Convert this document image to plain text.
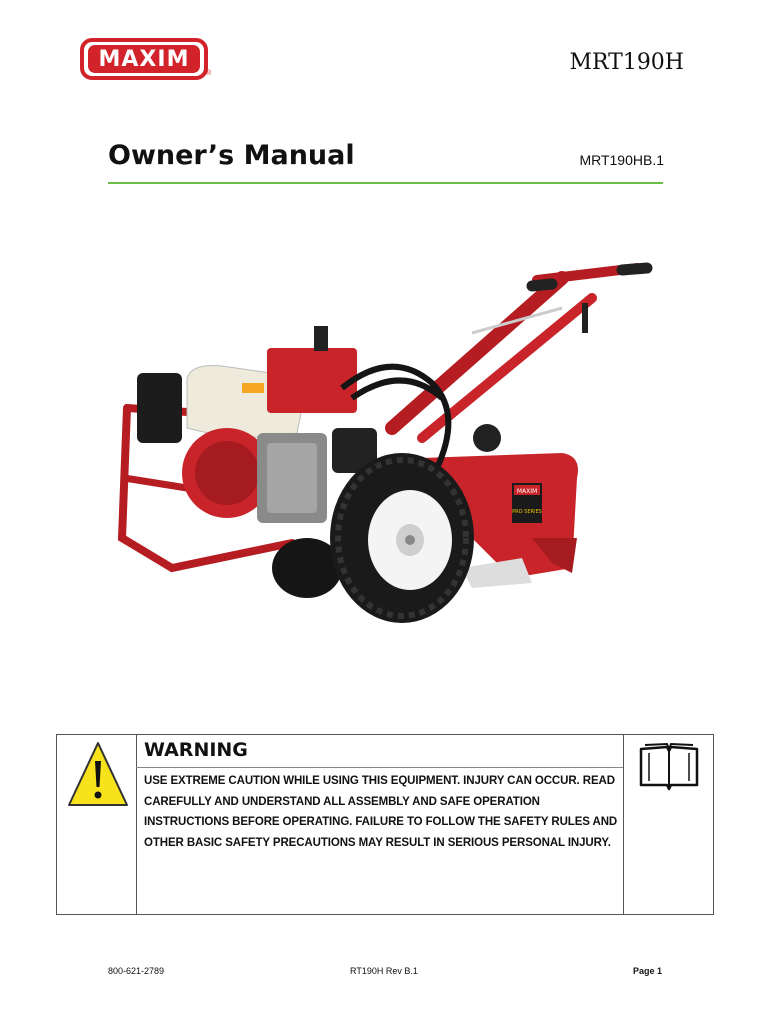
MAXIM
®	MRT190H
Owner’s Manual	MRT190HB.1
MAXIM
PRO SERIES
WARNING
USE EXTREME CAUTION WHILE USING THIS EQUIPMENT. INJURY CAN OCCUR. READ CAREFULLY AND UNDERSTAND ALL ASSEMBLY AND SAFE OPERATION INSTRUCTIONS BEFORE OPERATING. FAILURE TO FOLLOW THE SAFETY RULES AND OTHER BASIC SAFETY PRECAUTIONS MAY RESULT IN SERIOUS PERSONAL INJURY.
800-621-2789	RT190H Rev B.1	Page 1
